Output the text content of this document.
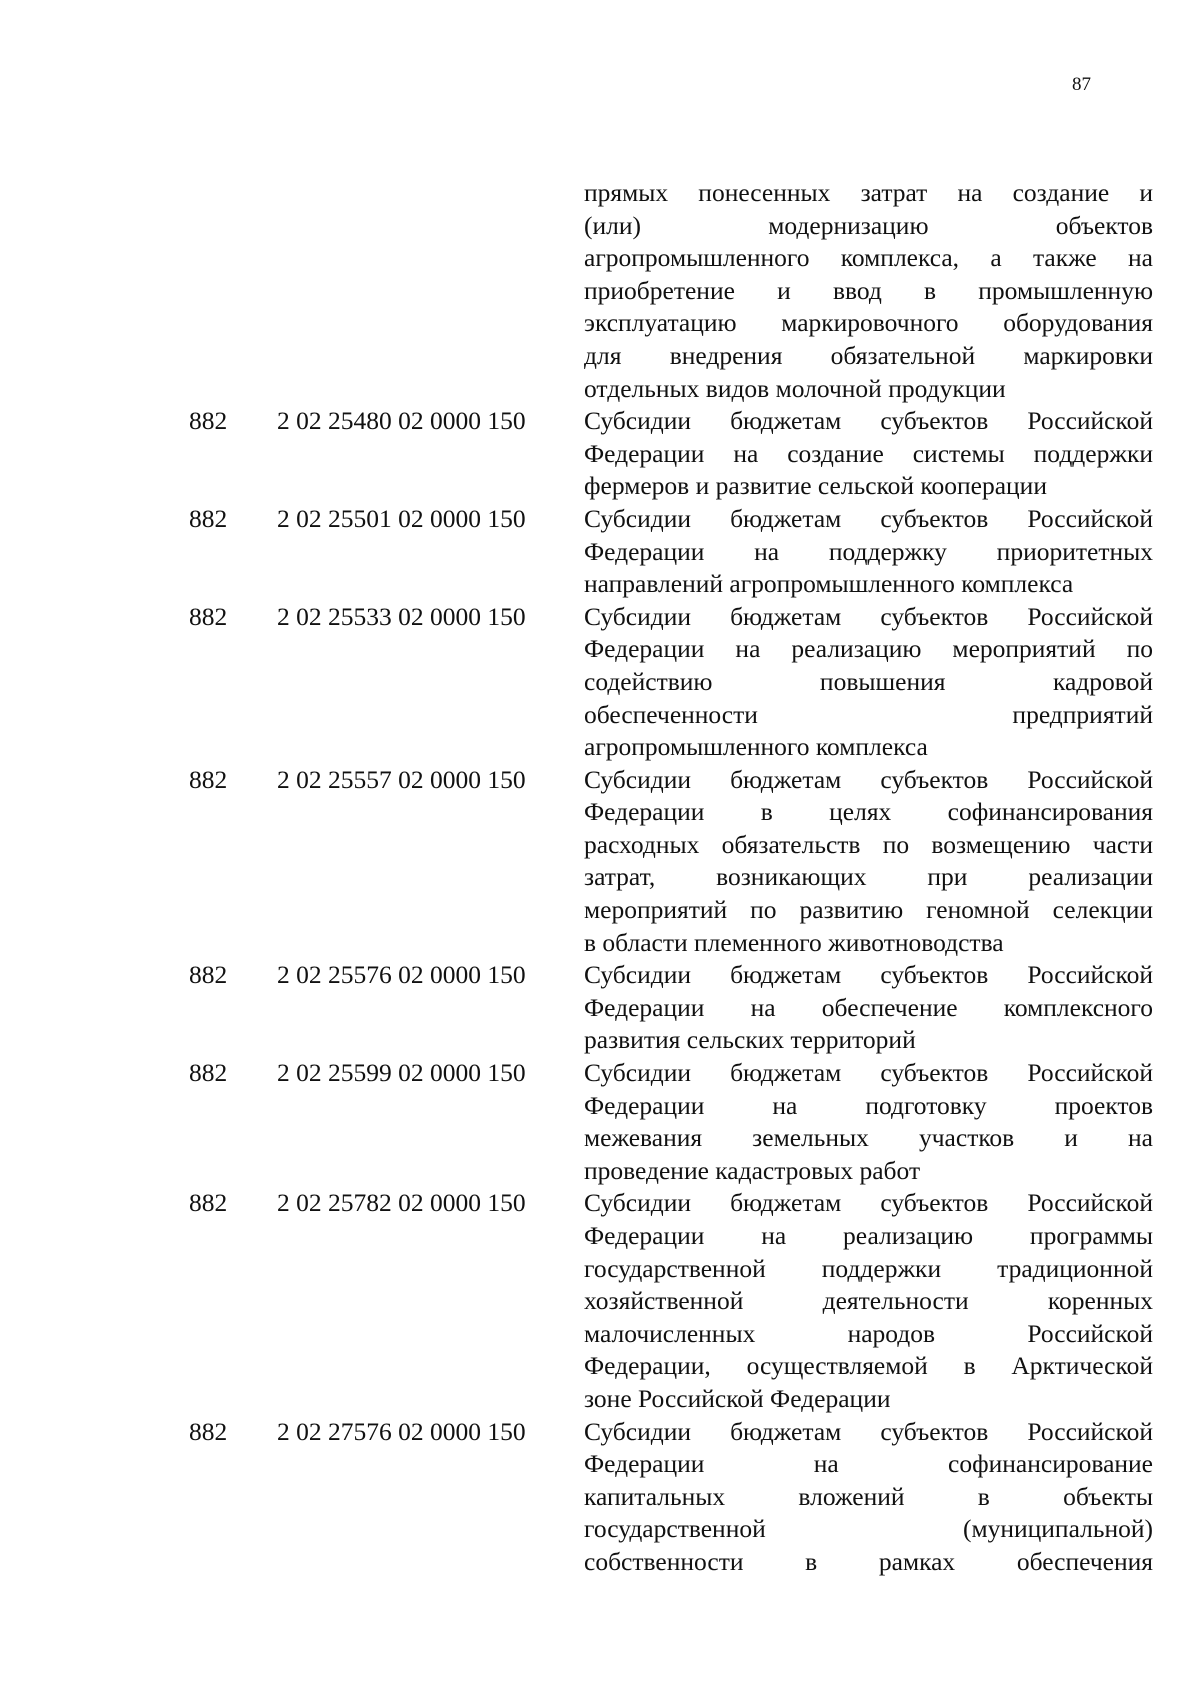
87
прямых понесенных затрат на создание и
(или) модернизацию объектов
агропромышленного комплекса, а также на
приобретение и ввод в промышленную
эксплуатацию маркировочного оборудования
для внедрения обязательной маркировки
отдельных видов молочной продукции
882	2 02 25480 02 0000 150	Субсидии бюджетам субъектов Российской
Федерации на создание системы поддержки
фермеров и развитие сельской кооперации
882	2 02 25501 02 0000 150	Субсидии бюджетам субъектов Российской
Федерации на поддержку приоритетных
направлений агропромышленного комплекса
882	2 02 25533 02 0000 150	Субсидии бюджетам субъектов Российской
Федерации на реализацию мероприятий по
содействию повышения кадровой
обеспеченности предприятий
агропромышленного комплекса
882	2 02 25557 02 0000 150	Субсидии бюджетам субъектов Российской
Федерации в целях софинансирования
расходных обязательств по возмещению части
затрат, возникающих при реализации
мероприятий по развитию геномной селекции
в области племенного животноводства
882	2 02 25576 02 0000 150	Субсидии бюджетам субъектов Российской
Федерации на обеспечение комплексного
развития сельских территорий
882	2 02 25599 02 0000 150	Субсидии бюджетам субъектов Российской
Федерации на подготовку проектов
межевания земельных участков и на
проведение кадастровых работ
882	2 02 25782 02 0000 150	Субсидии бюджетам субъектов Российской
Федерации на реализацию программы
государственной поддержки традиционной
хозяйственной деятельности коренных
малочисленных народов Российской
Федерации, осуществляемой в Арктической
зоне Российской Федерации
882	2 02 27576 02 0000 150	Субсидии бюджетам субъектов Российской
Федерации на софинансирование
капитальных вложений в объекты
государственной (муниципальной)
собственности в рамках обеспечения
